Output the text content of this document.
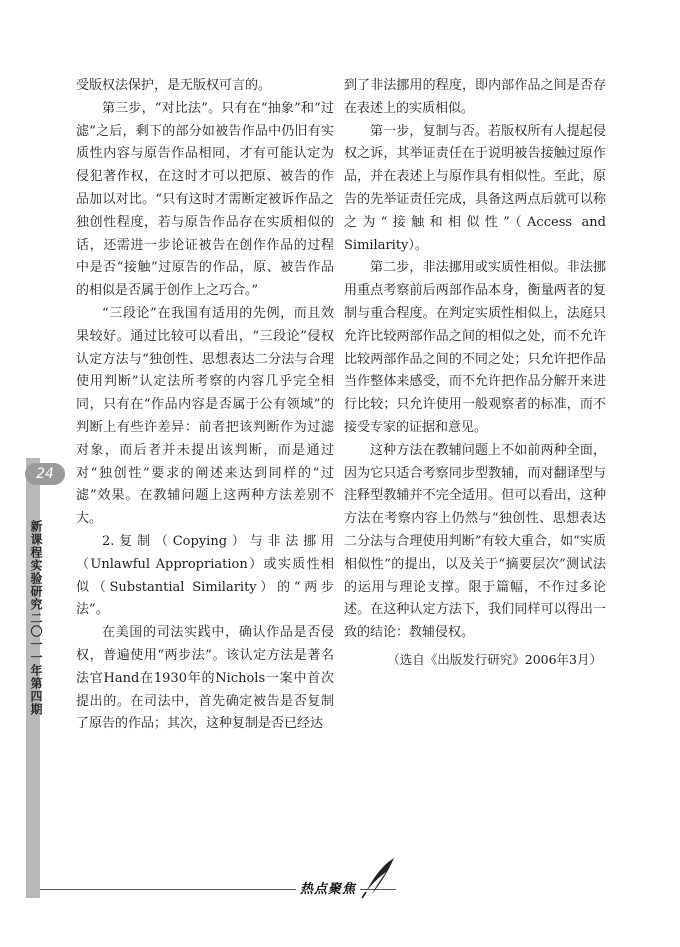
24
新课程实验研究
二〇一一年第四期

受版权法保护，是无版权可言的。

第三步，“对比法”。只有在“抽象”和“过滤”之后，剩下的部分如被告作品中仍旧有实质性内容与原告作品相同，才有可能认定为侵犯著作权，在这时才可以把原、被告的作品加以对比。“只有这时才需断定被诉作品之独创性程度，若与原告作品存在实质相似的话，还需进一步论证被告在创作作品的过程中是否“接触”过原告的作品，原、被告作品的相似是否属于创作上之巧合。”

“三段论”在我国有适用的先例，而且效果较好。通过比较可以看出，“三段论”侵权认定方法与“独创性、思想表达二分法与合理使用判断”认定法所考察的内容几乎完全相同，只有在“作品内容是否属于公有领域”的判断上有些许差异：前者把该判断作为过滤对象，而后者并未提出该判断，而是通过对“独创性”要求的阐述来达到同样的“过滤”效果。在教辅问题上这两种方法差别不大。

2.复制（Copying）与非法挪用（Unlawful Appropriation）或实质性相似（Substantial Similarity）的“两步法”。

在美国的司法实践中，确认作品是否侵权，普遍使用“两步法”。该认定方法是著名法官Hand在1930年的Nichols一案中首次提出的。在司法中，首先确定被告是否复制了原告的作品；其次，这种复制是否已经达

到了非法挪用的程度，即内部作品之间是否存在表述上的实质相似。

第一步，复制与否。若版权所有人提起侵权之诉，其举证责任在于说明被告接触过原作品，并在表述上与原作具有相似性。至此，原告的先举证责任完成，具备这两点后就可以称之为“接触和相似性”（Access and Similarity）。

第二步，非法挪用或实质性相似。非法挪用重点考察前后两部作品本身，衡量两者的复制与重合程度。在判定实质性相似上，法庭只允许比较两部作品之间的相似之处，而不允许比较两部作品之间的不同之处；只允许把作品当作整体来感受，而不允许把作品分解开来进行比较；只允许使用一般观察者的标准，而不接受专家的证据和意见。

这种方法在教辅问题上不如前两种全面，因为它只适合考察同步型教辅，而对翻译型与注释型教辅并不完全适用。但可以看出，这种方法在考察内容上仍然与“独创性、思想表达二分法与合理使用判断”有较大重合，如“实质相似性”的提出，以及关于“摘要层次”测试法的运用与理论支撑。限于篇幅，不作过多论述。在这种认定方法下，我们同样可以得出一致的结论：教辅侵权。

（选自《出版发行研究》2006年3月）

热点聚焦
